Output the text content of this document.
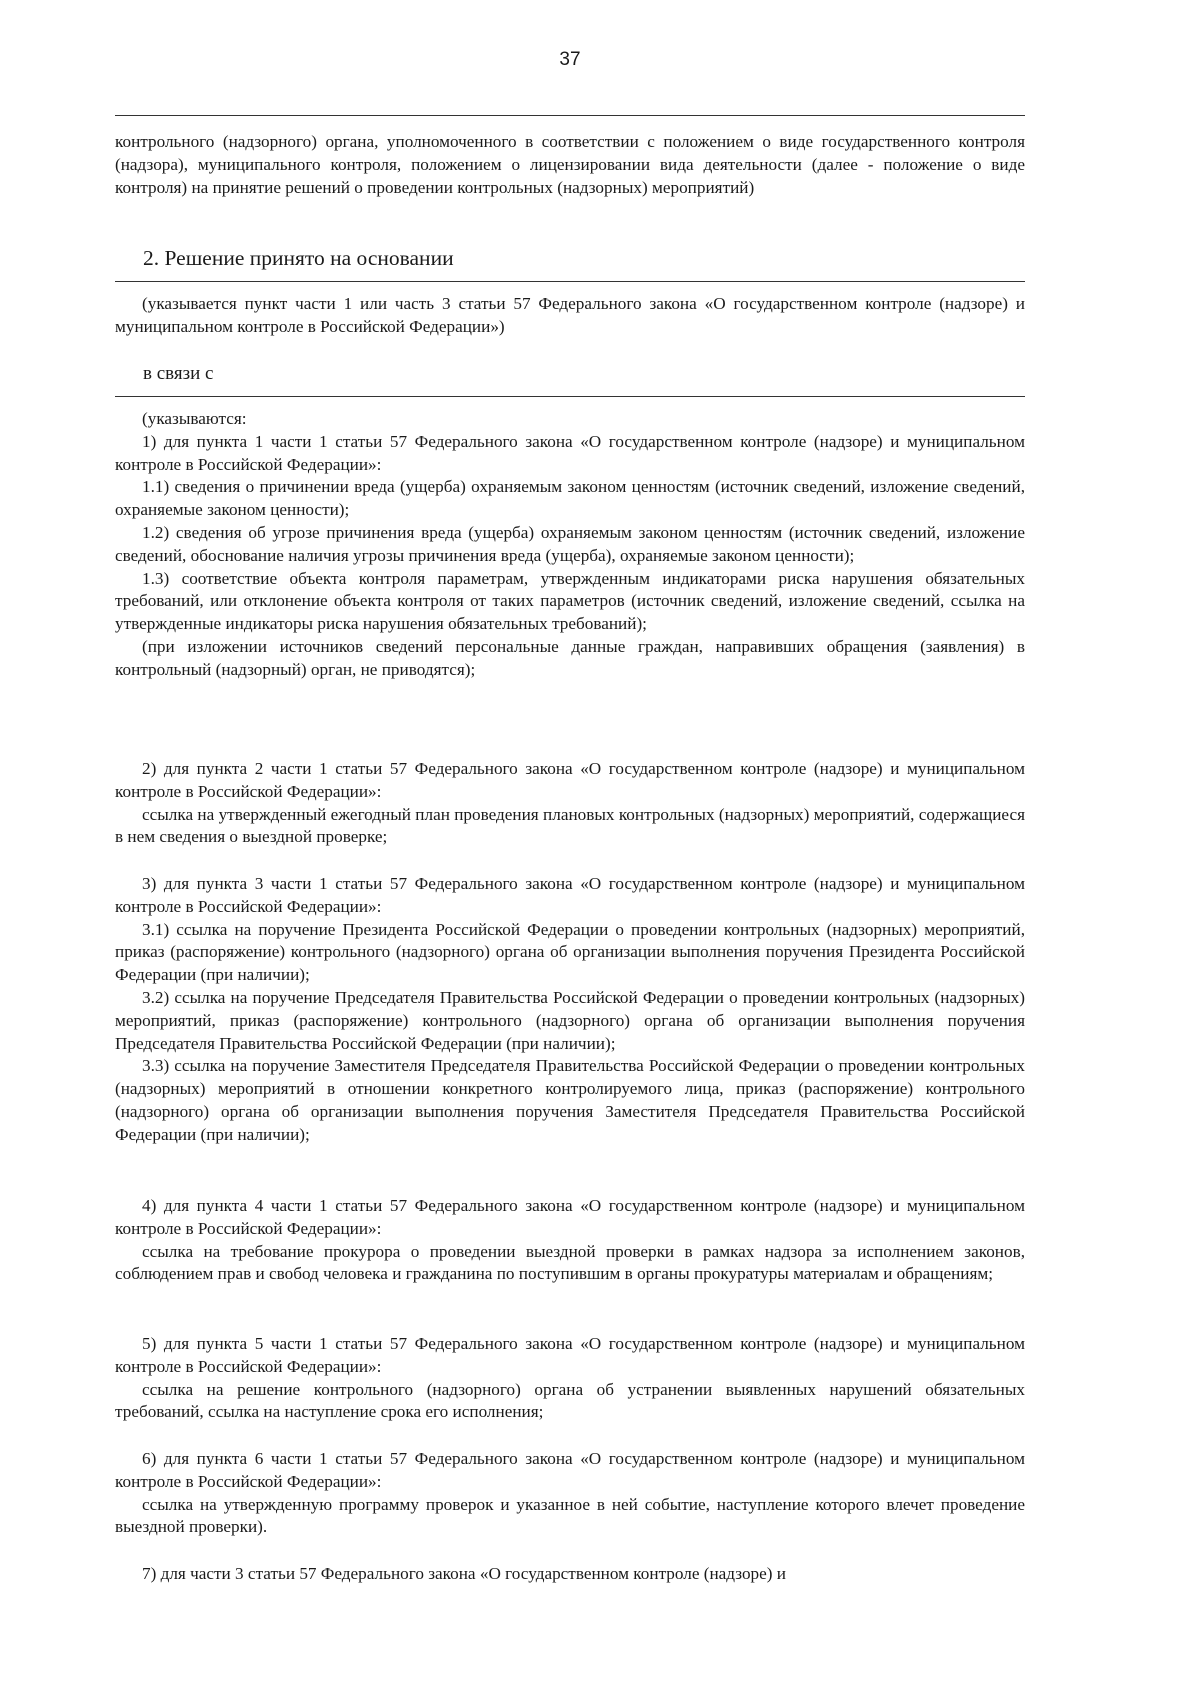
37

контрольного (надзорного) органа, уполномоченного в соответствии с положением о виде государственного контроля (надзора), муниципального контроля, положением о лицензировании вида деятельности (далее - положение о виде контроля) на принятие решений о проведении контрольных (надзорных) мероприятий)

2. Решение принято на основании

(указывается пункт части 1 или часть 3 статьи 57 Федерального закона «О государственном контроле (надзоре) и муниципальном контроле в Российской Федерации»)

в связи с

(указываются:

1) для пункта 1 части 1 статьи 57 Федерального закона «О государственном контроле (надзоре) и муниципальном контроле в Российской Федерации»:

1.1) сведения о причинении вреда (ущерба) охраняемым законом ценностям (источник сведений, изложение сведений, охраняемые законом ценности);

1.2) сведения об угрозе причинения вреда (ущерба) охраняемым законом ценностям (источник сведений, изложение сведений, обоснование наличия угрозы причинения вреда (ущерба), охраняемые законом ценности);

1.3) соответствие объекта контроля параметрам, утвержденным индикаторами риска нарушения обязательных требований, или отклонение объекта контроля от таких параметров (источник сведений, изложение сведений, ссылка на утвержденные индикаторы риска нарушения обязательных требований);

(при изложении источников сведений персональные данные граждан, направивших обращения (заявления) в контрольный (надзорный) орган, не приводятся);

2) для пункта 2 части 1 статьи 57 Федерального закона «О государственном контроле (надзоре) и муниципальном контроле в Российской Федерации»:

ссылка на утвержденный ежегодный план проведения плановых контрольных (надзорных) мероприятий, содержащиеся в нем сведения о выездной проверке;

3) для пункта 3 части 1 статьи 57 Федерального закона «О государственном контроле (надзоре) и муниципальном контроле в Российской Федерации»:

3.1) ссылка на поручение Президента Российской Федерации о проведении контрольных (надзорных) мероприятий, приказ (распоряжение) контрольного (надзорного) органа об организации выполнения поручения Президента Российской Федерации (при наличии);

3.2) ссылка на поручение Председателя Правительства Российской Федерации о проведении контрольных (надзорных) мероприятий, приказ (распоряжение) контрольного (надзорного) органа об организации выполнения поручения Председателя Правительства Российской Федерации (при наличии);

3.3) ссылка на поручение Заместителя Председателя Правительства Российской Федерации о проведении контрольных (надзорных) мероприятий в отношении конкретного контролируемого лица, приказ (распоряжение) контрольного (надзорного) органа об организации выполнения поручения Заместителя Председателя Правительства Российской Федерации (при наличии);

4) для пункта 4 части 1 статьи 57 Федерального закона «О государственном контроле (надзоре) и муниципальном контроле в Российской Федерации»:

ссылка на требование прокурора о проведении выездной проверки в рамках надзора за исполнением законов, соблюдением прав и свобод человека и гражданина по поступившим в органы прокуратуры материалам и обращениям;

5) для пункта 5 части 1 статьи 57 Федерального закона «О государственном контроле (надзоре) и муниципальном контроле в Российской Федерации»:

ссылка на решение контрольного (надзорного) органа об устранении выявленных нарушений обязательных требований, ссылка на наступление срока его исполнения;

6) для пункта 6 части 1 статьи 57 Федерального закона «О государственном контроле (надзоре) и муниципальном контроле в Российской Федерации»:

ссылка на утвержденную программу проверок и указанное в ней событие, наступление которого влечет проведение выездной проверки).

7) для части 3 статьи 57 Федерального закона «О государственном контроле (надзоре) и
